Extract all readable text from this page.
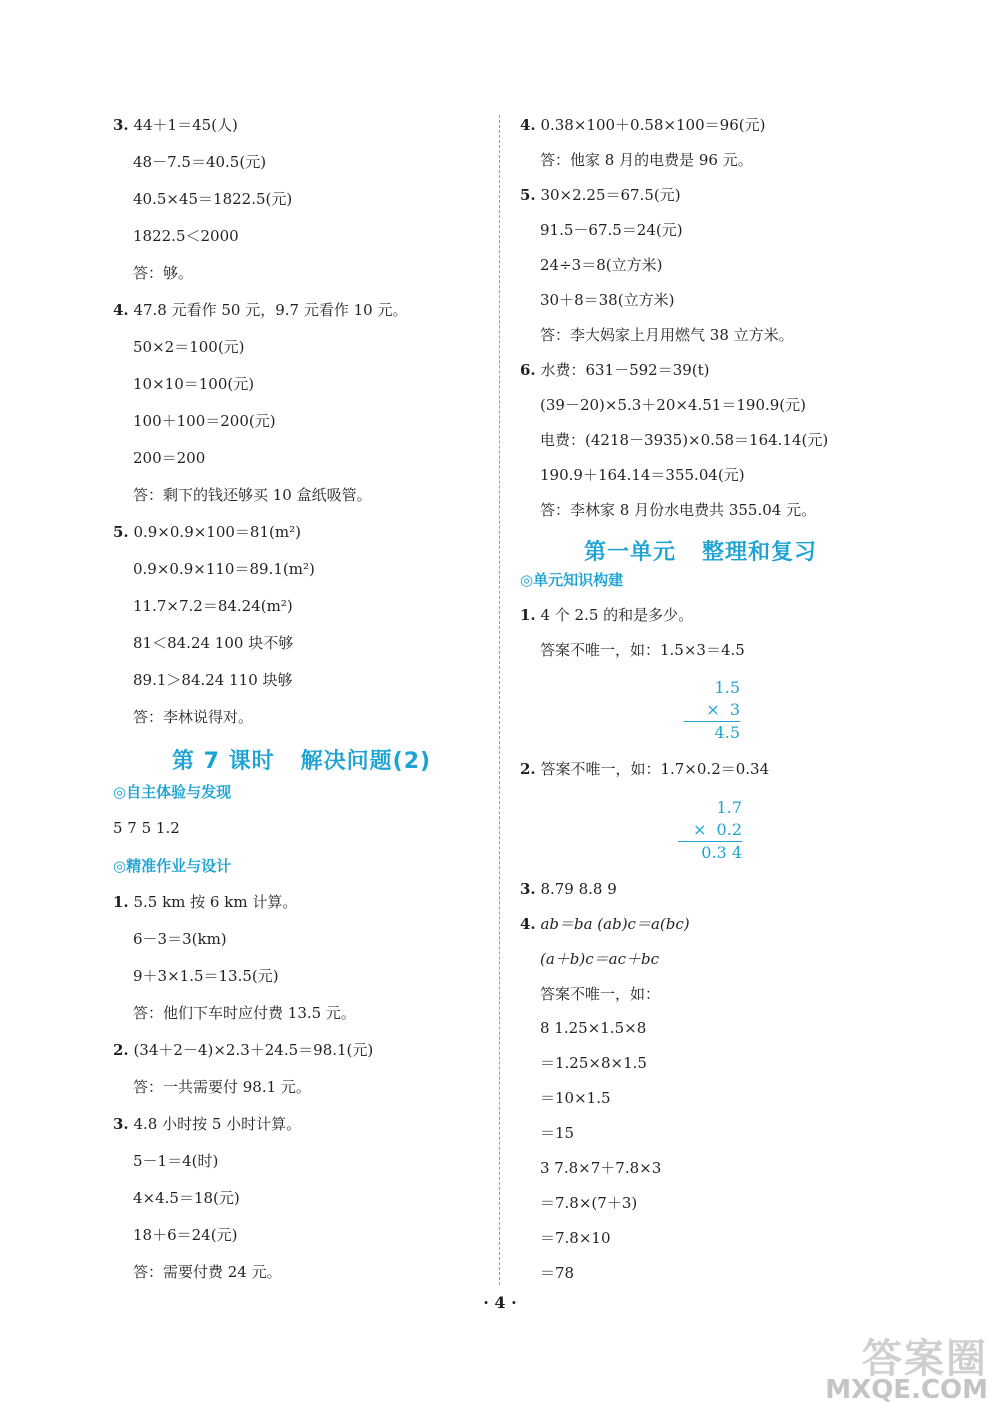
3. 44＋1＝45(人)
48－7.5＝40.5(元)
40.5×45＝1822.5(元)
1822.5＜2000
答：够。
4. 47.8 元看作 50 元，9.7 元看作 10 元。
50×2＝100(元)
10×10＝100(元)
100＋100＝200(元)
200＝200
答：剩下的钱还够买 10 盒纸吸管。
5. 0.9×0.9×100＝81(m²)
0.9×0.9×110＝89.1(m²)
11.7×7.2＝84.24(m²)
81＜84.24 100 块不够
89.1＞84.24 110 块够
答：李林说得对。
第 7 课时 解决问题(2)
◎自主体验与发现
5 7 5 1.2
◎精准作业与设计
1. 5.5 km 按 6 km 计算。
6－3＝3(km)
9＋3×1.5＝13.5(元)
答：他们下车时应付费 13.5 元。
2. (34＋2－4)×2.3＋24.5＝98.1(元)
答：一共需要付 98.1 元。
3. 4.8 小时按 5 小时计算。
5－1＝4(时)
4×4.5＝18(元)
18＋6＝24(元)
答：需要付费 24 元。
4. 0.38×100＋0.58×100＝96(元)
答：他家 8 月的电费是 96 元。
5. 30×2.25＝67.5(元)
91.5－67.5＝24(元)
24÷3＝8(立方米)
30＋8＝38(立方米)
答：李大妈家上月用燃气 38 立方米。
6. 水费：631－592＝39(t)
(39－20)×5.3＋20×4.51＝190.9(元)
电费：(4218－3935)×0.58＝164.14(元)
190.9＋164.14＝355.04(元)
答：李林家 8 月份水电费共 355.04 元。
第一单元 整理和复习
◎单元知识构建
1. 4 个 2.5 的和是多少。
答案不唯一，如：1.5×3＝4.5
1.5
×  3
4.5
2. 答案不唯一，如：1.7×0.2＝0.34
1.7
×  0.2
0.3 4
3. 8.79 8.8 9
4. ab＝ba (ab)c＝a(bc)
(a＋b)c＝ac＋bc
答案不唯一，如：
8 1.25×1.5×8
＝1.25×8×1.5
＝10×1.5
＝15
3 7.8×7＋7.8×3
＝7.8×(7＋3)
＝7.8×10
＝78
· 4 ·
答案圈
MXQE.COM
